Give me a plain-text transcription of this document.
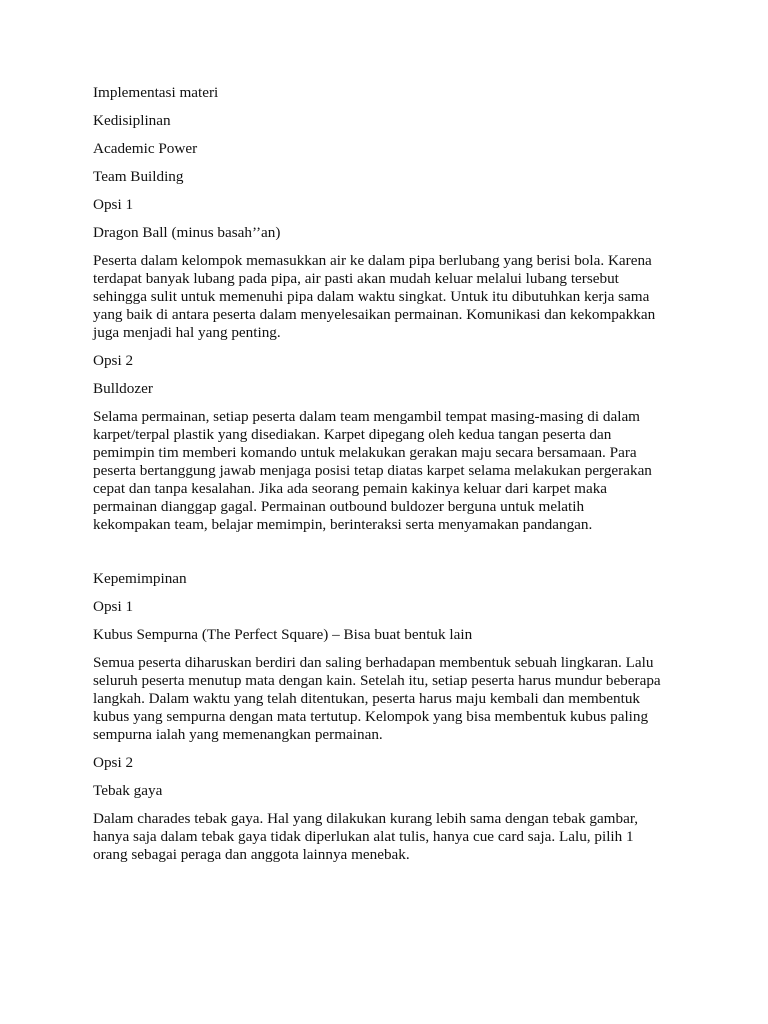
Implementasi materi

Kedisiplinan

Academic Power

Team Building

Opsi 1

Dragon Ball (minus basah’’an)

Peserta dalam kelompok memasukkan air ke dalam pipa berlubang yang berisi bola. Karena
terdapat banyak lubang pada pipa, air pasti akan mudah keluar melalui lubang tersebut
sehingga sulit untuk memenuhi pipa dalam waktu singkat. Untuk itu dibutuhkan kerja sama
yang baik di antara peserta dalam menyelesaikan permainan. Komunikasi dan kekompakkan
juga menjadi hal yang penting.

Opsi 2

Bulldozer

Selama permainan, setiap peserta dalam team mengambil tempat masing-masing di dalam
karpet/terpal plastik yang disediakan. Karpet dipegang oleh kedua tangan peserta dan
pemimpin tim memberi komando untuk melakukan gerakan maju secara bersamaan. Para
peserta bertanggung jawab menjaga posisi tetap diatas karpet selama melakukan pergerakan
cepat dan tanpa kesalahan. Jika ada seorang pemain kakinya keluar dari karpet maka
permainan dianggap gagal. Permainan outbound buldozer berguna untuk melatih
kekompakan team, belajar memimpin, berinteraksi serta menyamakan pandangan.

Kepemimpinan

Opsi 1

Kubus Sempurna (The Perfect Square) – Bisa buat bentuk lain

Semua peserta diharuskan berdiri dan saling berhadapan membentuk sebuah lingkaran. Lalu
seluruh peserta menutup mata dengan kain. Setelah itu, setiap peserta harus mundur beberapa
langkah. Dalam waktu yang telah ditentukan, peserta harus maju kembali dan membentuk
kubus yang sempurna dengan mata tertutup. Kelompok yang bisa membentuk kubus paling
sempurna ialah yang memenangkan permainan.

Opsi 2

Tebak gaya

Dalam charades tebak gaya. Hal yang dilakukan kurang lebih sama dengan tebak gambar,
hanya saja dalam tebak gaya tidak diperlukan alat tulis, hanya cue card saja. Lalu, pilih 1
orang sebagai peraga dan anggota lainnya menebak.
